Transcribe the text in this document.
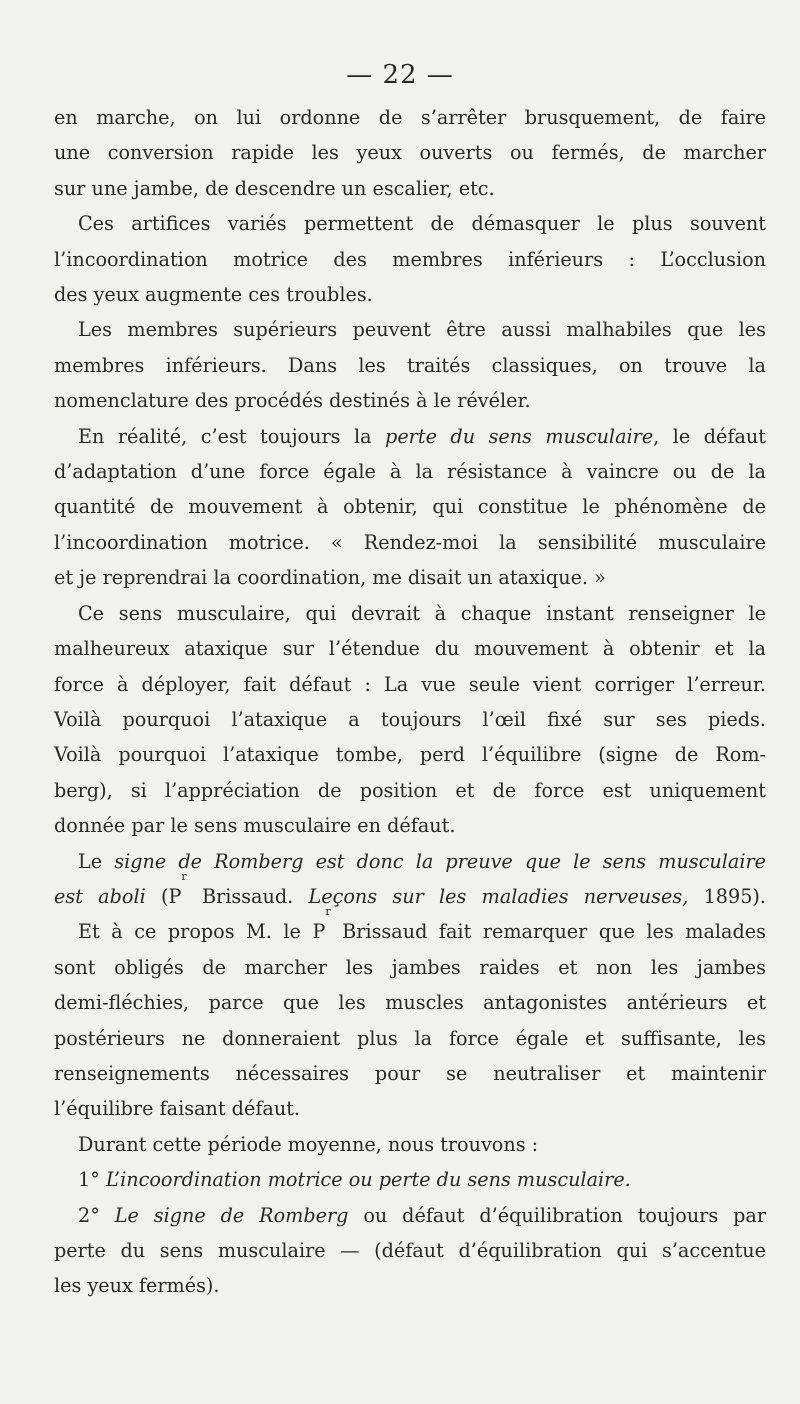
— 22 —
en marche, on lui ordonne de s’arrêter brusquement, de faire
une conversion rapide les yeux ouverts ou fermés, de marcher
sur une jambe, de descendre un escalier, etc.
Ces artifices variés permettent de démasquer le plus souvent
l’incoordination motrice des membres inférieurs : L’occlusion
des yeux augmente ces troubles.
Les membres supérieurs peuvent être aussi malhabiles que les
membres inférieurs. Dans les traités classiques, on trouve la
nomenclature des procédés destinés à le révéler.
En réalité, c’est toujours la perte du sens musculaire, le défaut
d’adaptation d’une force égale à la résistance à vaincre ou de la
quantité de mouvement à obtenir, qui constitue le phénomène de
l’incoordination motrice. « Rendez-moi la sensibilité musculaire
et je reprendrai la coordination, me disait un ataxique. »
Ce sens musculaire, qui devrait à chaque instant renseigner le
malheureux ataxique sur l’étendue du mouvement à obtenir et la
force à déployer, fait défaut : La vue seule vient corriger l’erreur.
Voilà pourquoi l’ataxique a toujours l’œil fixé sur ses pieds.
Voilà pourquoi l’ataxique tombe, perd l’équilibre (signe de Rom-
berg), si l’appréciation de position et de force est uniquement
donnée par le sens musculaire en défaut.
Le signe de Romberg est donc la preuve que le sens musculaire
est aboli ($P^r$ Brissaud. Leçons sur les maladies nerveuses, 1895).
Et à ce propos M. le $P^r$ Brissaud fait remarquer que les malades
sont obligés de marcher les jambes raides et non les jambes
demi-fléchies, parce que les muscles antagonistes antérieurs et
postérieurs ne donneraient plus la force égale et suffisante, les
renseignements nécessaires pour se neutraliser et maintenir
l’équilibre faisant défaut.
Durant cette période moyenne, nous trouvons :
1° L’incoordination motrice ou perte du sens musculaire.
2° Le signe de Romberg ou défaut d’équilibration toujours par
perte du sens musculaire — (défaut d’équilibration qui s’accentue
les yeux fermés).
